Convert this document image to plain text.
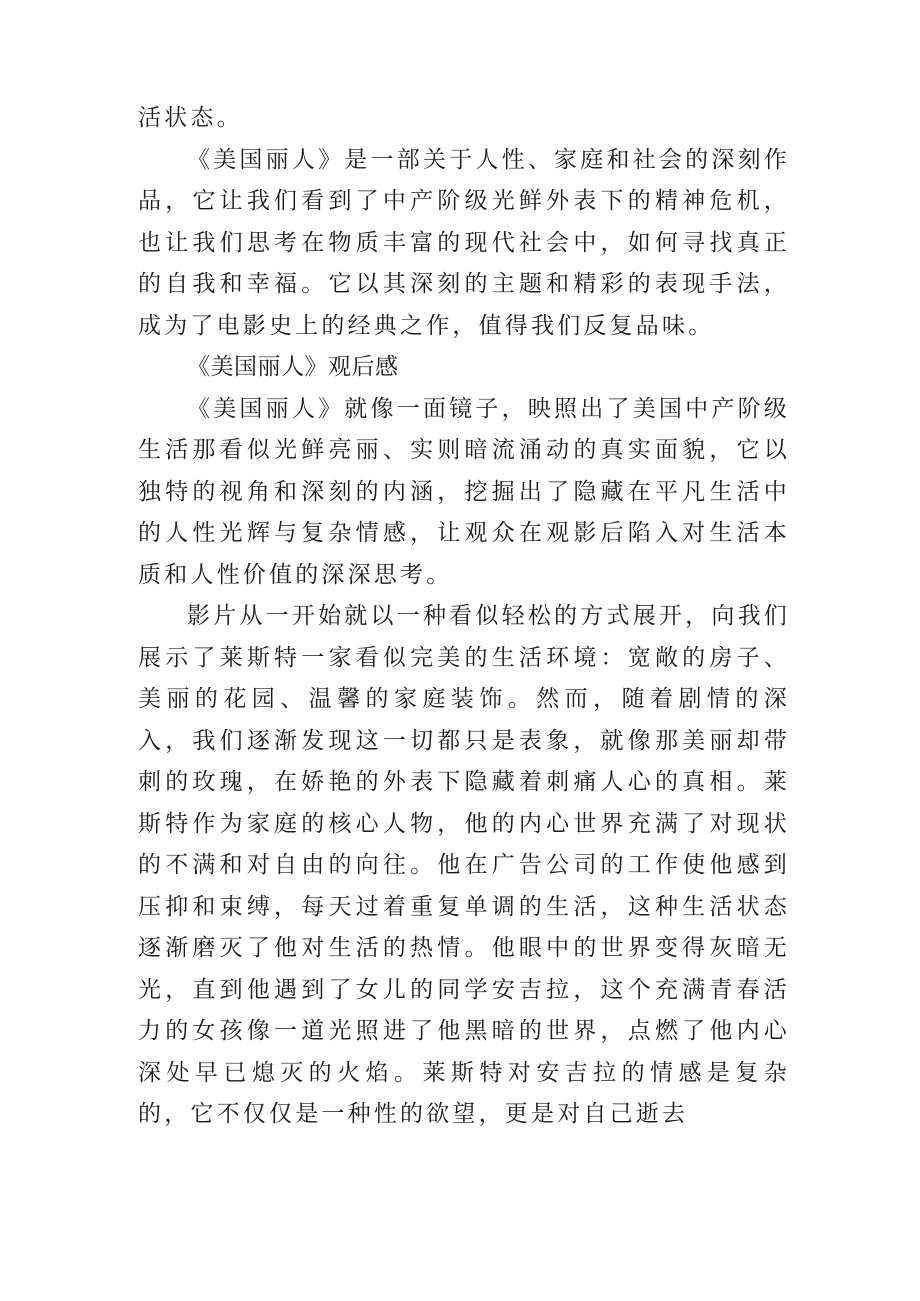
活状态。

《美国丽人》是一部关于人性、家庭和社会的深刻作品，它让我们看到了中产阶级光鲜外表下的精神危机，也让我们思考在物质丰富的现代社会中，如何寻找真正的自我和幸福。它以其深刻的主题和精彩的表现手法，成为了电影史上的经典之作，值得我们反复品味。

《美国丽人》观后感

《美国丽人》就像一面镜子，映照出了美国中产阶级生活那看似光鲜亮丽、实则暗流涌动的真实面貌，它以独特的视角和深刻的内涵，挖掘出了隐藏在平凡生活中的人性光辉与复杂情感，让观众在观影后陷入对生活本质和人性价值的深深思考。

影片从一开始就以一种看似轻松的方式展开，向我们展示了莱斯特一家看似完美的生活环境：宽敞的房子、美丽的花园、温馨的家庭装饰。然而，随着剧情的深入，我们逐渐发现这一切都只是表象，就像那美丽却带刺的玫瑰，在娇艳的外表下隐藏着刺痛人心的真相。莱斯特作为家庭的核心人物，他的内心世界充满了对现状的不满和对自由的向往。他在广告公司的工作使他感到压抑和束缚，每天过着重复单调的生活，这种生活状态逐渐磨灭了他对生活的热情。他眼中的世界变得灰暗无光，直到他遇到了女儿的同学安吉拉，这个充满青春活力的女孩像一道光照进了他黑暗的世界，点燃了他内心深处早已熄灭的火焰。莱斯特对安吉拉的情感是复杂的，它不仅仅是一种性的欲望，更是对自己逝去
